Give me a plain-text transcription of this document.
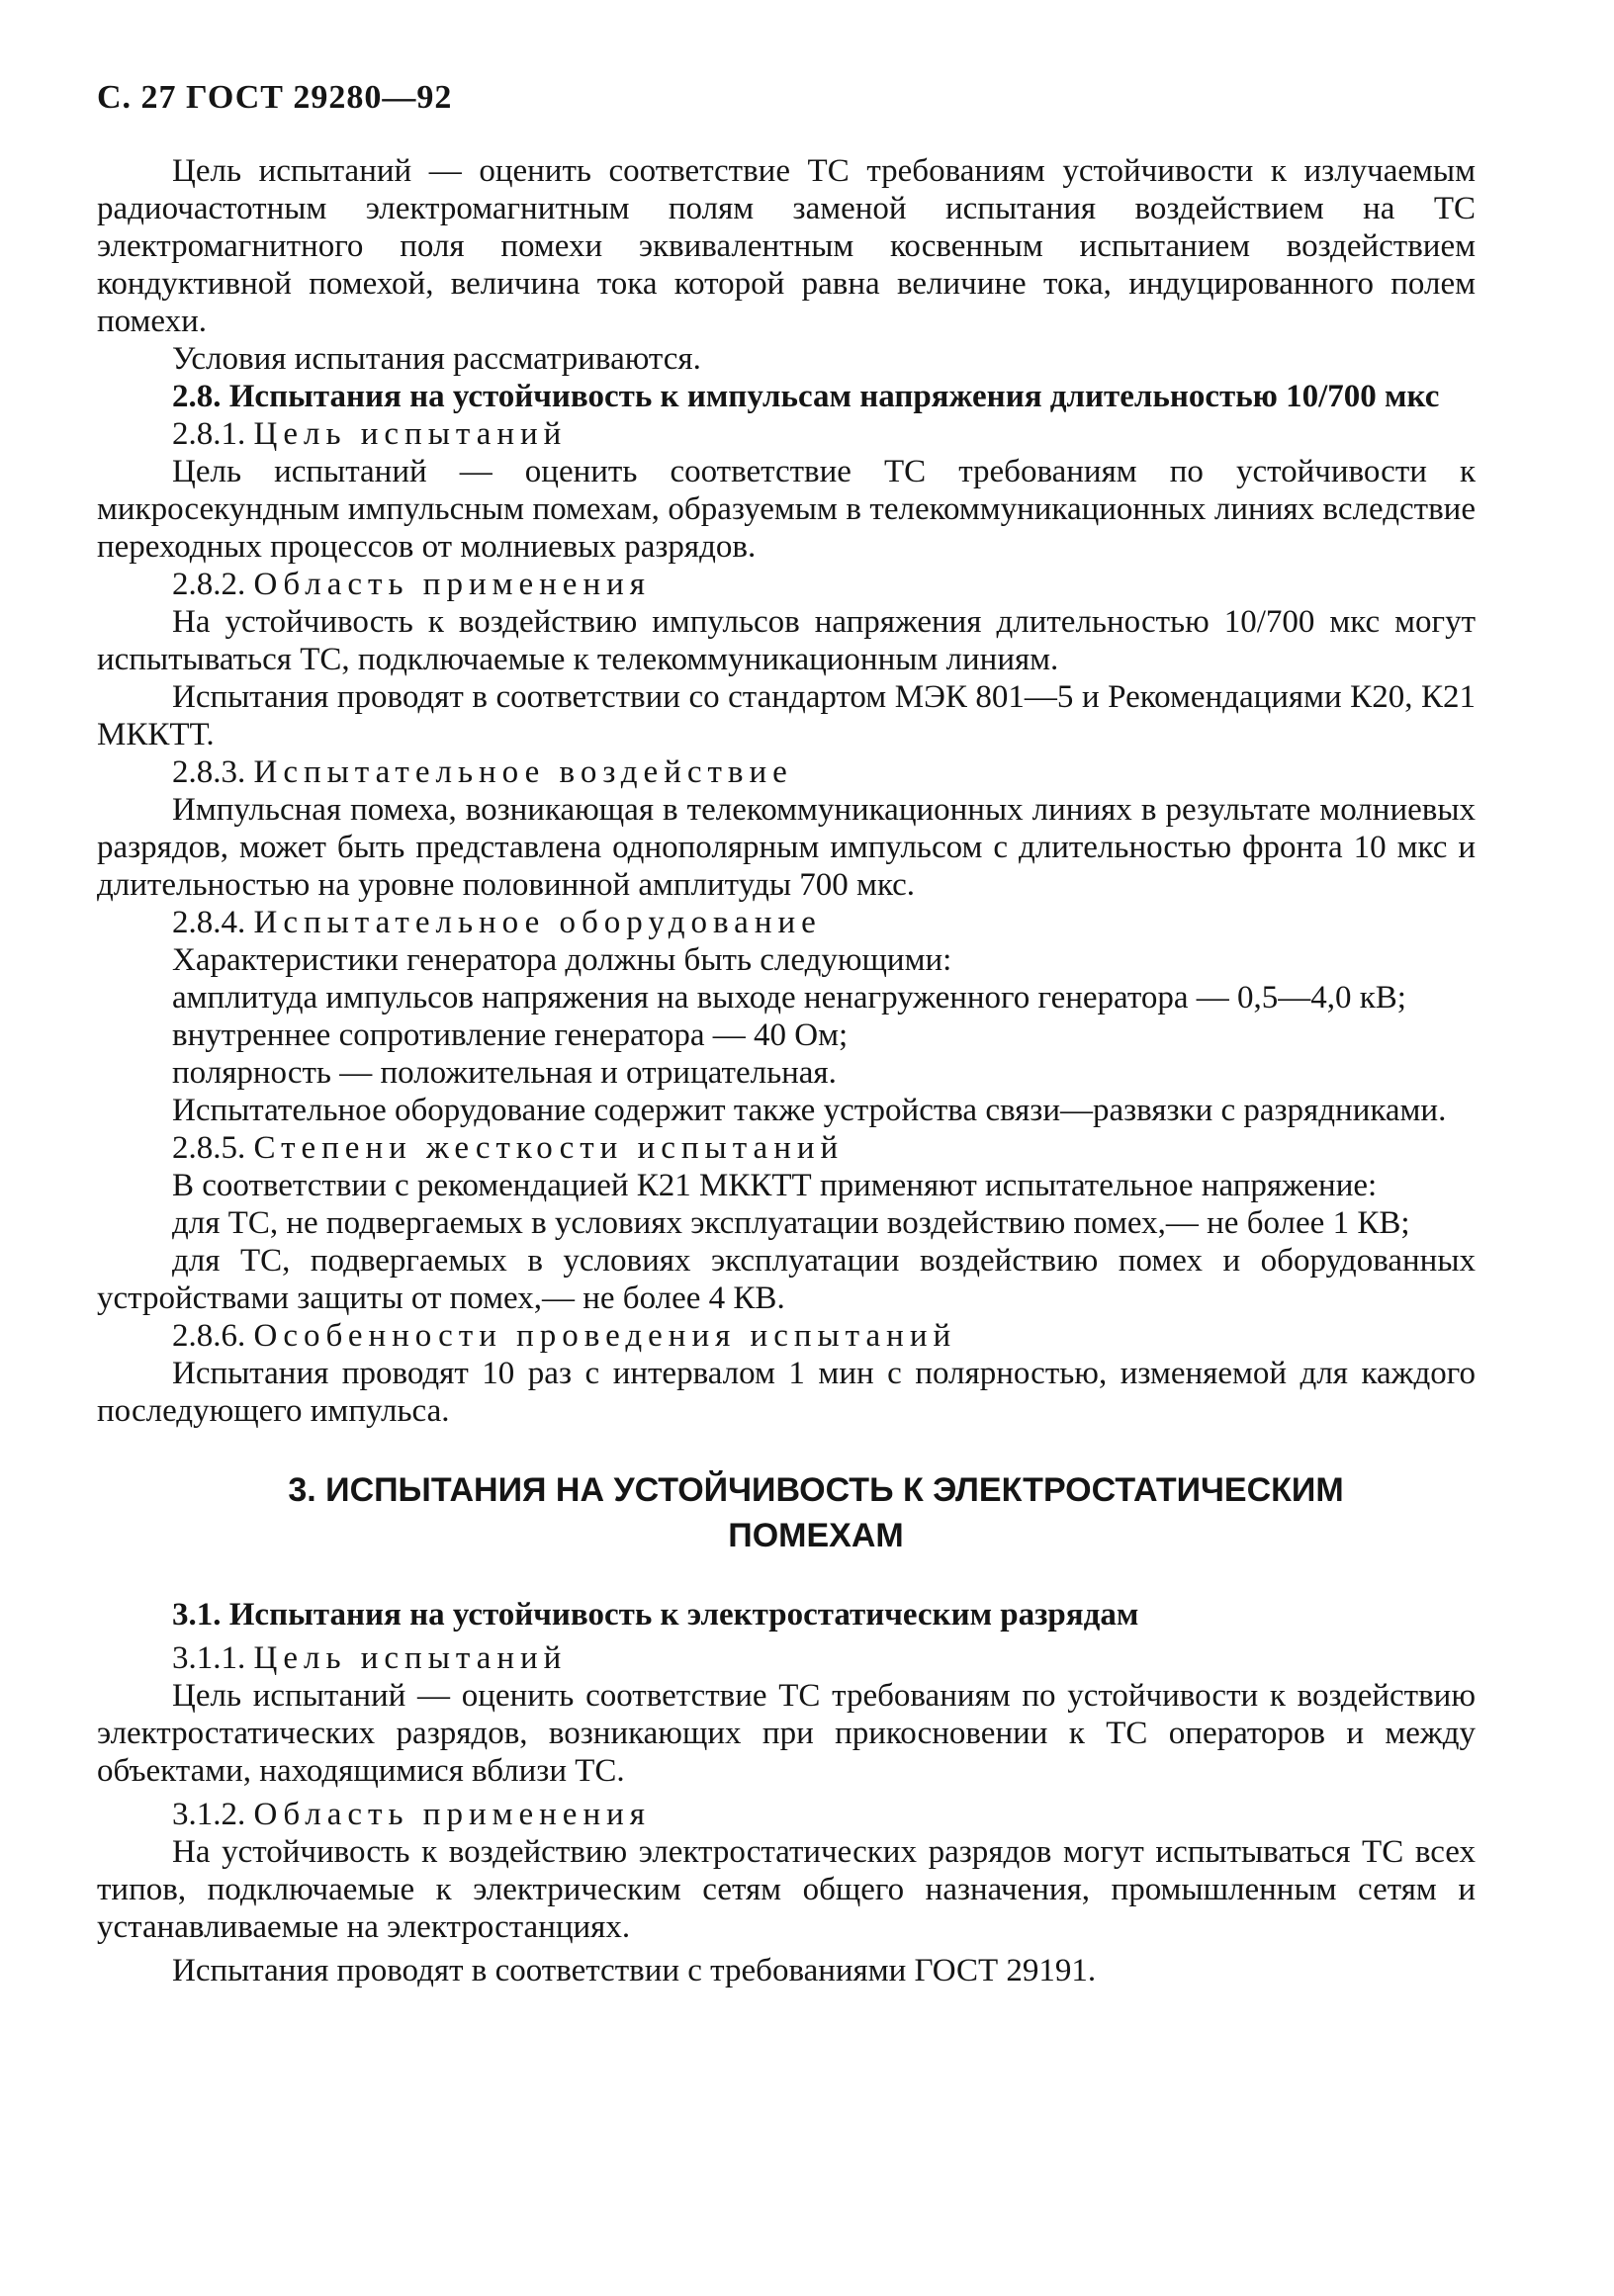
С. 27 ГОСТ 29280—92

Цель испытаний — оценить соответствие ТС требованиям устойчивости к излучаемым радиочастотным электромагнитным полям заменой испытания воздействием на ТС электромагнитного поля помехи эквивалентным косвенным испытанием воздействием кондуктивной помехой, величина тока которой равна величине тока, индуцированного полем помехи.

Условия испытания рассматриваются.

2.8. Испытания на устойчивость к импульсам напряжения длительностью 10/700 мкс

2.8.1. Цель испытаний

Цель испытаний — оценить соответствие ТС требованиям по устойчивости к микросекундным импульсным помехам, образуемым в телекоммуникационных линиях вследствие переходных процессов от молниевых разрядов.

2.8.2. Область применения

На устойчивость к воздействию импульсов напряжения длительностью 10/700 мкс могут испытываться ТС, подключаемые к телекоммуникационным линиям.

Испытания проводят в соответствии со стандартом МЭК 801—5 и Рекомендациями К20, К21 МККТТ.

2.8.3. Испытательное воздействие

Импульсная помеха, возникающая в телекоммуникационных линиях в результате молниевых разрядов, может быть представлена однополярным импульсом с длительностью фронта 10 мкс и длительностью на уровне половинной амплитуды 700 мкс.

2.8.4. Испытательное оборудование

Характеристики генератора должны быть следующими:

амплитуда импульсов напряжения на выходе ненагруженного генератора — 0,5—4,0 кВ;

внутреннее сопротивление генератора — 40 Ом;

полярность — положительная и отрицательная.

Испытательное оборудование содержит также устройства связи—развязки с разрядниками.

2.8.5. Степени жесткости испытаний

В соответствии с рекомендацией К21 МККТТ применяют испытательное напряжение:

для ТС, не подвергаемых в условиях эксплуатации воздействию помех,— не более 1 КВ;

для ТС, подвергаемых в условиях эксплуатации воздействию помех и оборудованных устройствами защиты от помех,— не более 4 КВ.

2.8.6. Особенности проведения испытаний

Испытания проводят 10 раз с интервалом 1 мин с полярностью, изменяемой для каждого последующего импульса.

3. ИСПЫТАНИЯ НА УСТОЙЧИВОСТЬ К ЭЛЕКТРОСТАТИЧЕСКИМ
ПОМЕХАМ

3.1. Испытания на устойчивость к электростатическим разрядам

3.1.1. Цель испытаний

Цель испытаний — оценить соответствие ТС требованиям по устойчивости к воздействию электростатических разрядов, возникающих при прикосновении к ТС операторов и между объектами, находящимися вблизи ТС.

3.1.2. Область применения

На устойчивость к воздействию электростатических разрядов могут испытываться ТС всех типов, подключаемые к электрическим сетям общего назначения, промышленным сетям и устанавливаемые на электростанциях.

Испытания проводят в соответствии с требованиями ГОСТ 29191.
